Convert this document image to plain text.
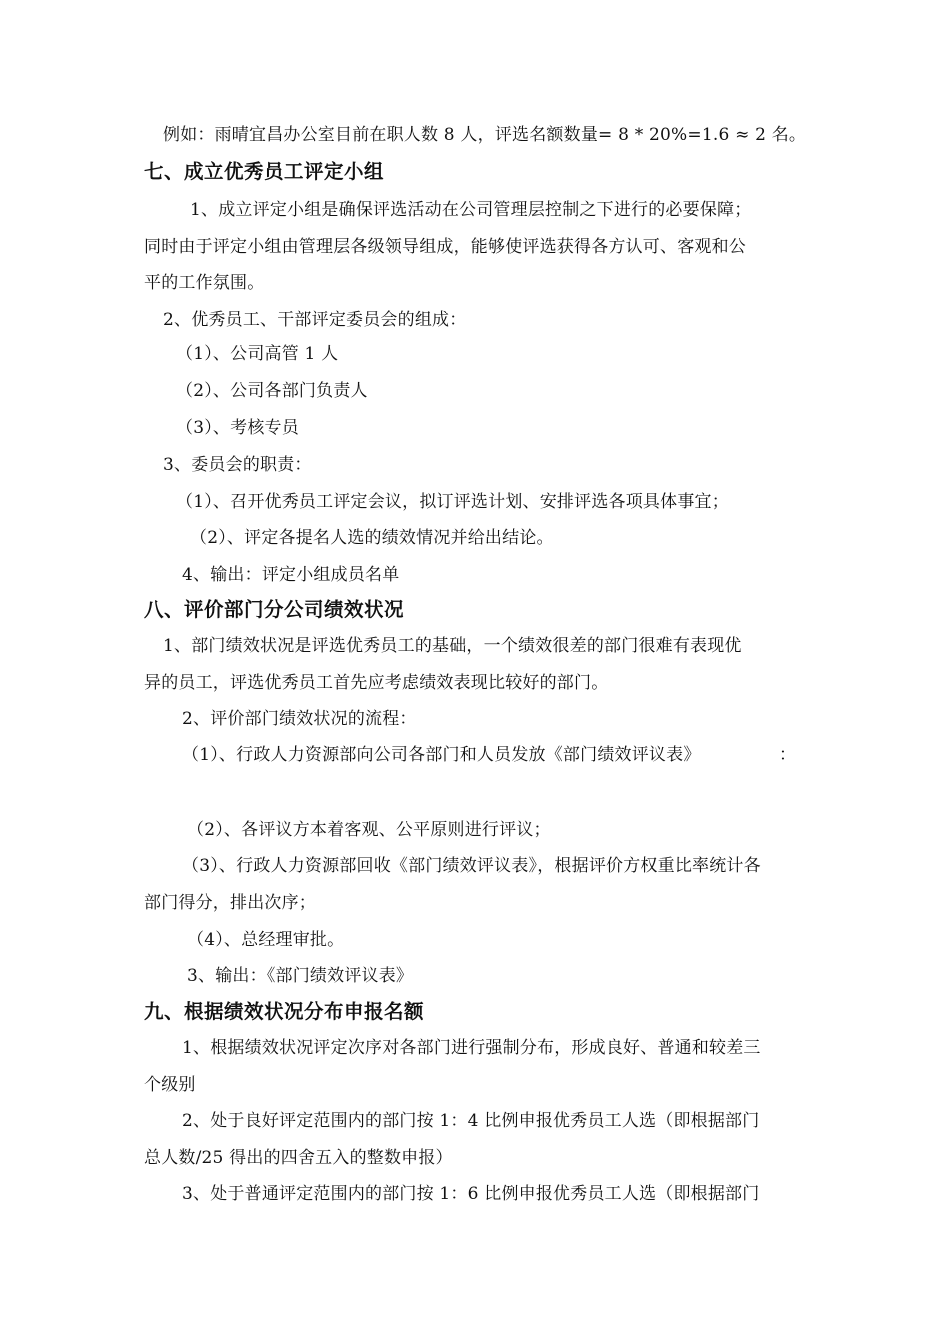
例如：雨晴宜昌办公室目前在职人数 8 人，评选名额数量= 8 * 20%=1.6 ≈ 2 名。
七、成立优秀员工评定小组
1、成立评定小组是确保评选活动在公司管理层控制之下进行的必要保障；
同时由于评定小组由管理层各级领导组成，能够使评选获得各方认可、客观和公
平的工作氛围。
2、优秀员工、干部评定委员会的组成：
（1）、公司高管 1 人
（2）、公司各部门负责人
（3）、考核专员
3、委员会的职责：
（1）、召开优秀员工评定会议，拟订评选计划、安排评选各项具体事宜；
（2）、评定各提名人选的绩效情况并给出结论。
4、输出：评定小组成员名单
八、评价部门分公司绩效状况
1、部门绩效状况是评选优秀员工的基础，一个绩效很差的部门很难有表现优
异的员工，评选优秀员工首先应考虑绩效表现比较好的部门。
2、评价部门绩效状况的流程：
（1）、行政人力资源部向公司各部门和人员发放《部门绩效评议表》	：
（2）、各评议方本着客观、公平原则进行评议；
（3）、行政人力资源部回收《部门绩效评议表》，根据评价方权重比率统计各
部门得分，排出次序；
（4）、总经理审批。
3、输出：《部门绩效评议表》
九、根据绩效状况分布申报名额
1、根据绩效状况评定次序对各部门进行强制分布，形成良好、普通和较差三
个级别
2、处于良好评定范围内的部门按 1：4 比例申报优秀员工人选（即根据部门
总人数/25 得出的四舍五入的整数申报）
3、处于普通评定范围内的部门按 1：6 比例申报优秀员工人选（即根据部门
